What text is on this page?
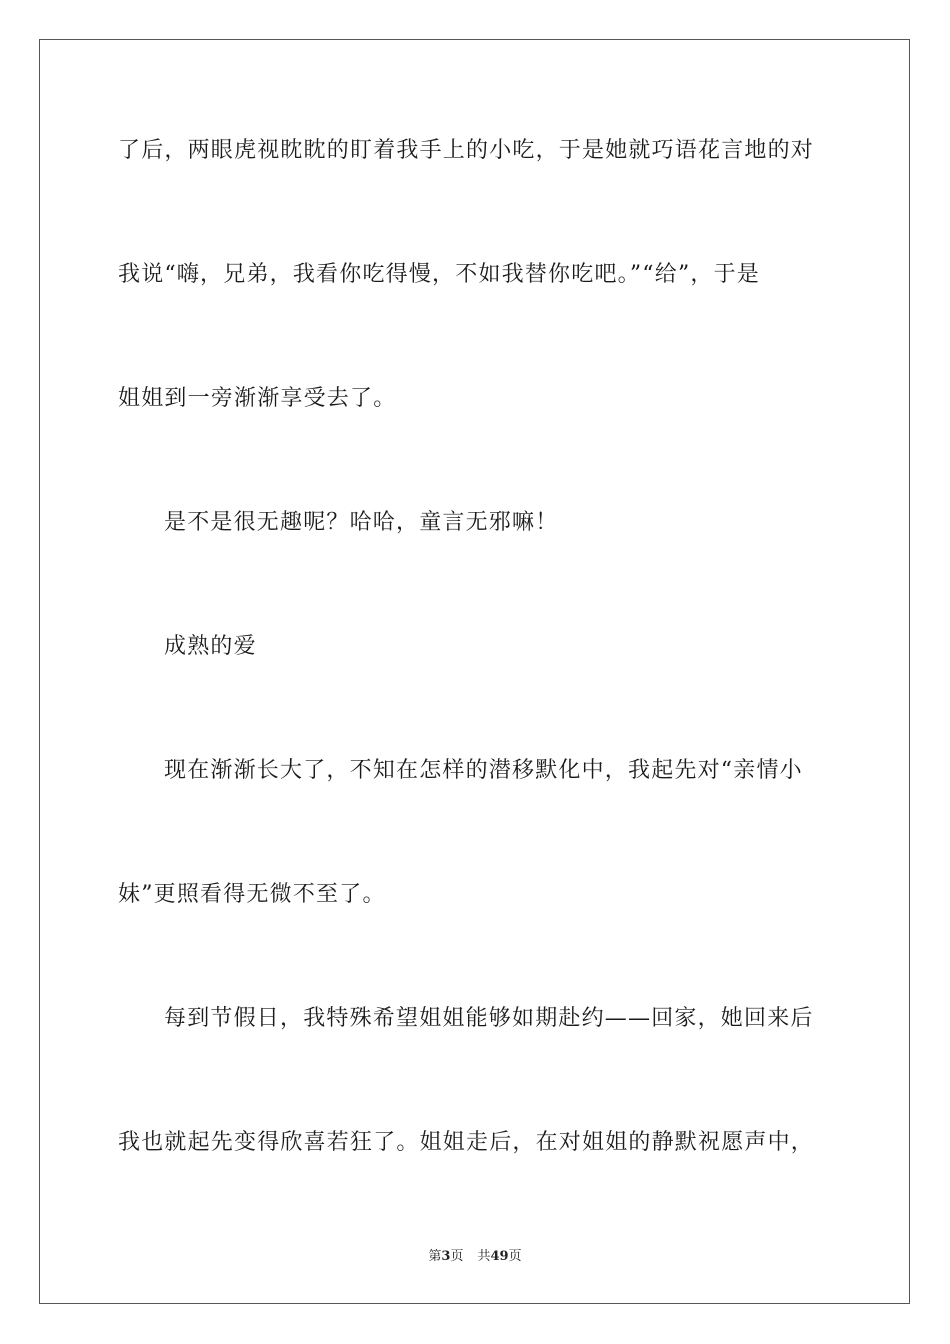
了后，两眼虎视眈眈的盯着我手上的小吃，于是她就巧语花言地的对
我说“嗨，兄弟，我看你吃得慢，不如我替你吃吧。”“给”，于是
姐姐到一旁渐渐享受去了。
是不是很无趣呢？哈哈，童言无邪嘛！
成熟的爱
现在渐渐长大了，不知在怎样的潜移默化中，我起先对“亲情小
妹”更照看得无微不至了。
每到节假日，我特殊希望姐姐能够如期赴约——回家，她回来后
我也就起先变得欣喜若狂了。姐姐走后，在对姐姐的静默祝愿声中，
第3页 共49页
